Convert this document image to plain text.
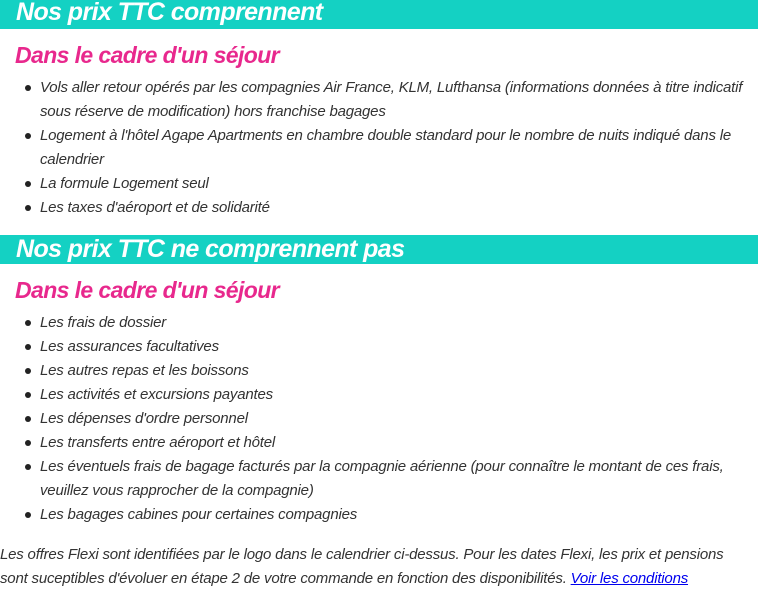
Nos prix TTC comprennent
Dans le cadre d'un séjour
Vols aller retour opérés par les compagnies Air France, KLM, Lufthansa (informations données à titre indicatif sous réserve de modification) hors franchise bagages
Logement à l'hôtel Agape Apartments en chambre double standard pour le nombre de nuits indiqué dans le calendrier
La formule Logement seul
Les taxes d'aéroport et de solidarité
Nos prix TTC ne comprennent pas
Dans le cadre d'un séjour
Les frais de dossier
Les assurances facultatives
Les autres repas et les boissons
Les activités et excursions payantes
Les dépenses d'ordre personnel
Les transferts entre aéroport et hôtel
Les éventuels frais de bagage facturés par la compagnie aérienne (pour connaître le montant de ces frais, veuillez vous rapprocher de la compagnie)
Les bagages cabines pour certaines compagnies
Les offres Flexi sont identifiées par le logo dans le calendrier ci-dessus. Pour les dates Flexi, les prix et pensions sont suceptibles d'évoluer en étape 2 de votre commande en fonction des disponibilités. Voir les conditions
